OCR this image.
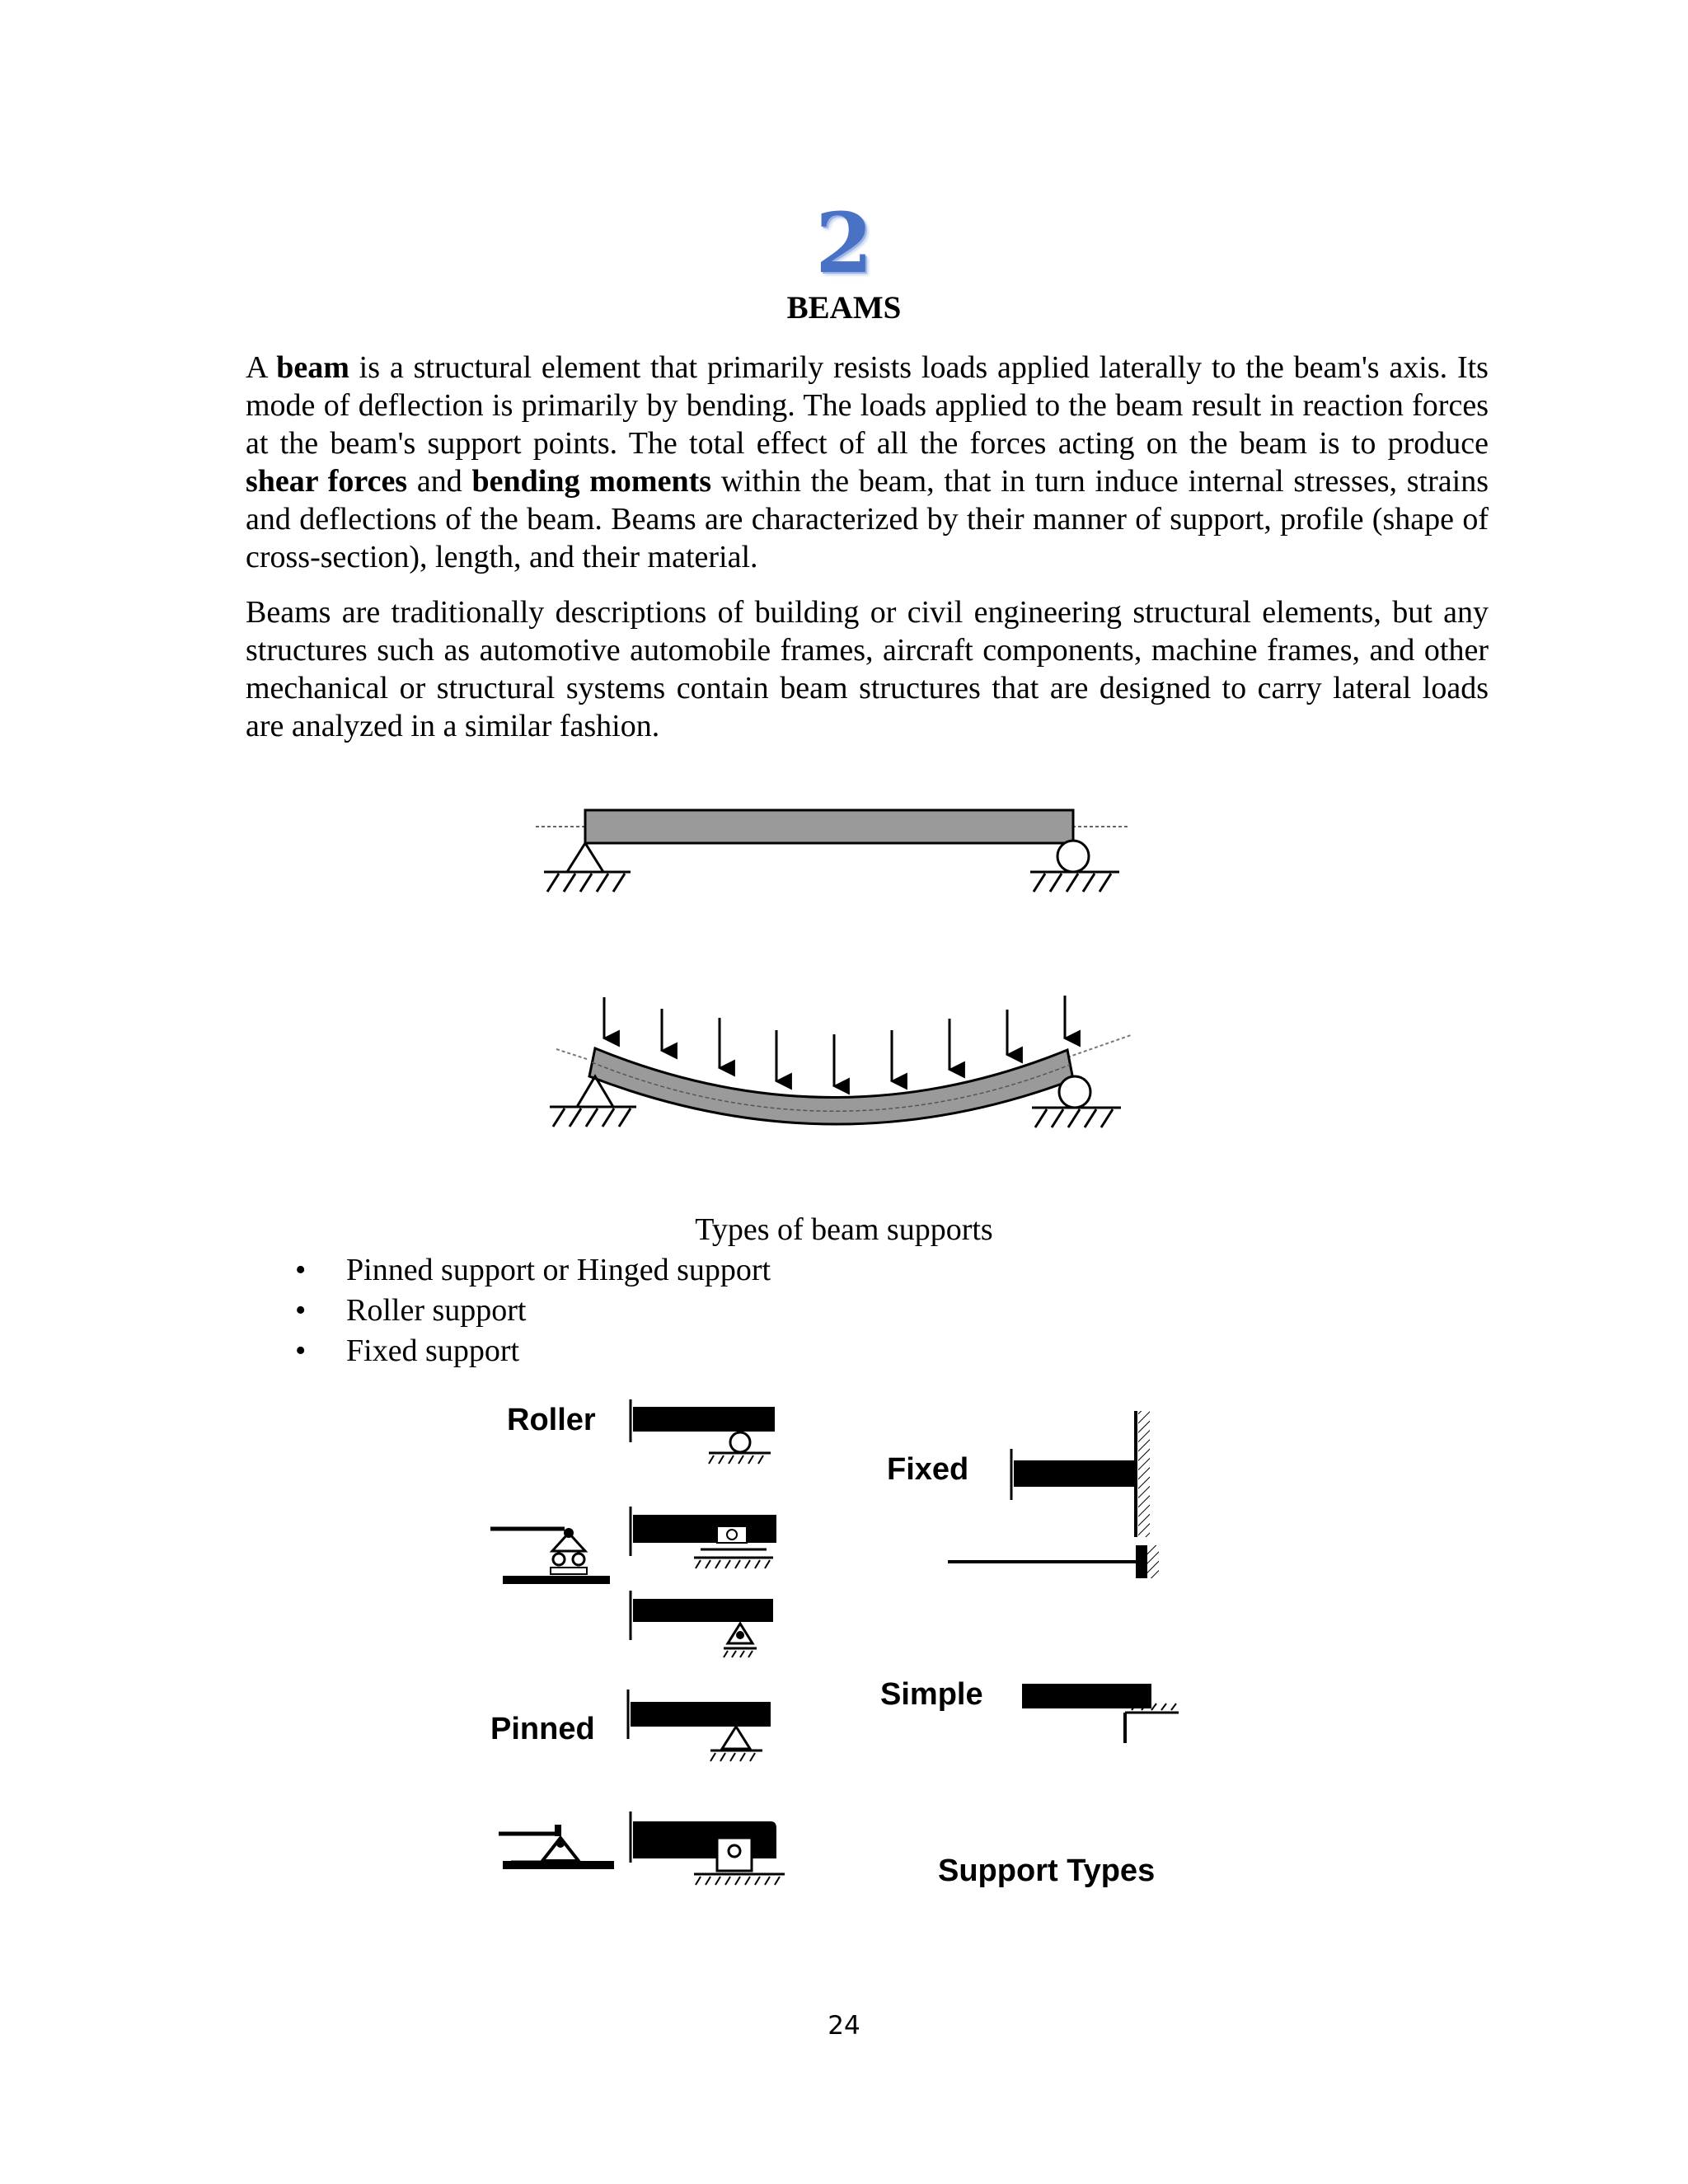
2
BEAMS

A beam is a structural element that primarily resists loads applied laterally to the beam's axis. Its mode of deflection is primarily by bending. The loads applied to the beam result in reaction forces at the beam's support points. The total effect of all the forces acting on the beam is to produce shear forces and bending moments within the beam, that in turn induce internal stresses, strains and deflections of the beam. Beams are characterized by their manner of support, profile (shape of cross-section), length, and their material.

Beams are traditionally descriptions of building or civil engineering structural elements, but any structures such as automotive automobile frames, aircraft components, machine frames, and other mechanical or structural systems contain beam structures that are designed to carry lateral loads are analyzed in a similar fashion.

Types of beam supports
• Pinned support or Hinged support
• Roller support
• Fixed support
Roller
Pinned
Fixed
Simple
Support Types
24
